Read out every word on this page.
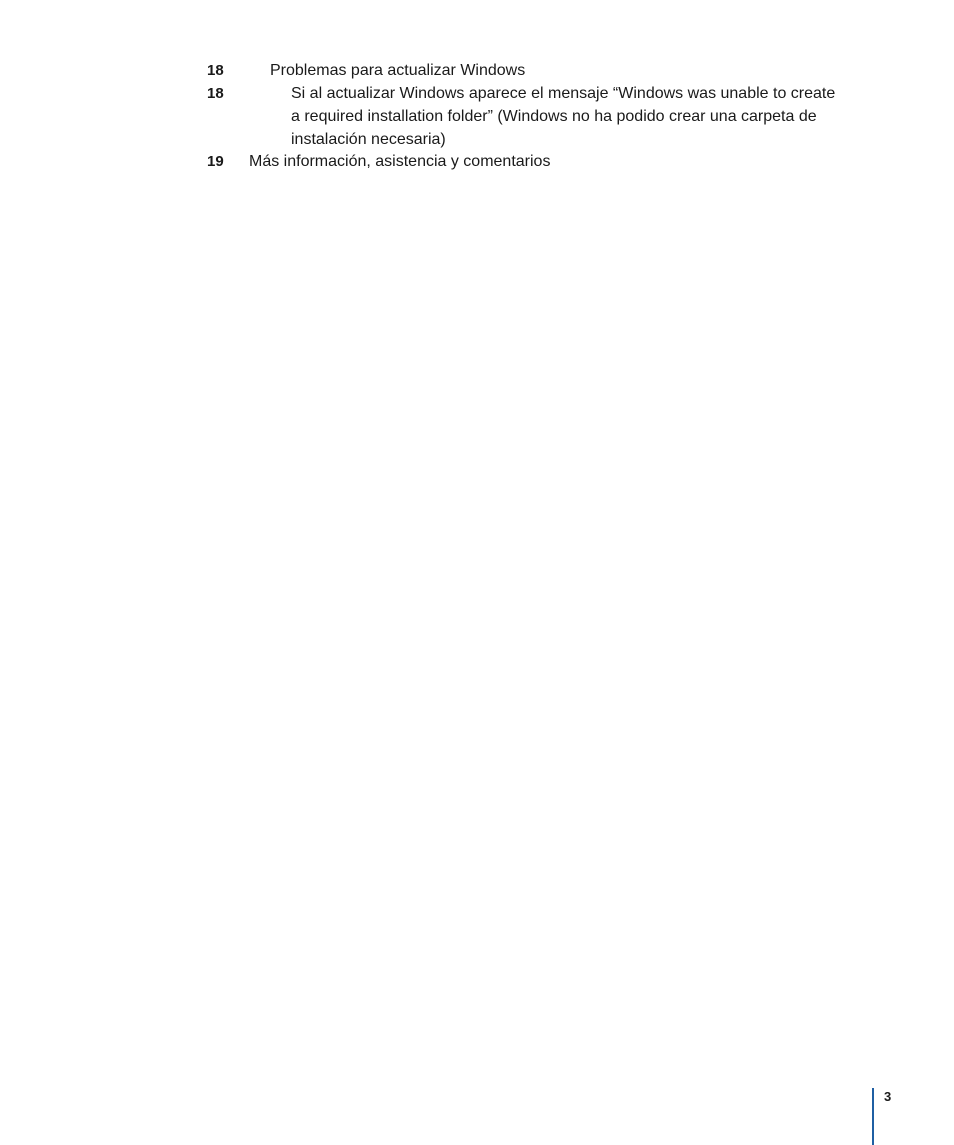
18	Problemas para actualizar Windows
18	Si al actualizar Windows aparece el mensaje “Windows was unable to create
a required installation folder” (Windows no ha podido crear una carpeta de
instalación necesaria)
19 Más información, asistencia y comentarios
3
